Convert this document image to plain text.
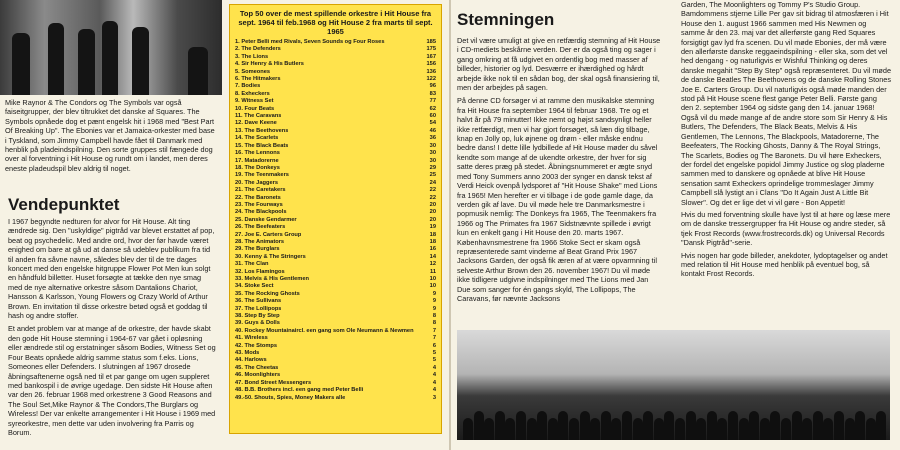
Mike Raynor & The Condors og The Symbols var også faiseitgrupper, der blev tiltrukket det danske af Squares. The Symbols opnåede dog et pænt engelsk hit i 1968 med "Best Part Of Breaking Up". The Ebonies var et Jamaica-orkester med base i Tyskland, som Jimmy Campbell havde fået til Danmark med henblik på pladeindspilning. Den sorte gruppes stil fængede dog over al forventning i Hit House og rundt om i landet, men deres eneste pladeudspil blev aldrig til noget.
Vendepunktet

I 1967 begyndte nedturen for alvor for Hit House. Alt ting ændrede sig. Den "uskyldige" pigtråd var blevet erstattet af pop, beat og psychedelic. Med andre ord, hvor der før havde været enighed om bare at gå ud at danse så udeblev publikum fra tid til anden fra såvne navne, således blev der til de tre dages koncert med den engelske hitgruppe Flower Pot Men kun solgt en håndfuld billetter. Huset forsøgte at tække den nye smag med de nye alternative orkestre såsom Dantalions Chariot, Hansson & Karlsson, Young Flowers og Crazy World of Arthur Brown. En invitation til disse orkestre betød også et goddag til hash og andre stoffer.

Et andet problem var at mange af de orkestre, der havde skabt den gode Hit House stemning i 1964-67 var gået i opløsning eller ændrede stil og erstatninger såsom Bodies, Witness Set og Four Beats opnåede aldrig samme status som f.eks. Lions, Someones eller Defenders. I slutningen af 1967 drosede åbningsaftenerne også ned til et par gange om ugen suppleret med bankospil i de øvrige ugedage. Den sidste Hit House aften var den 26. februar 1968 med orkestrene 3 Good Reasons and The Soul Set,Mike Raynor & The Condors,The Burglars og Wireless! Der var enkelte arrangementer i Hit House i 1969 med syreorkestre, men dette var uden involvering fra Parris og Borum.

Top 50 over de mest spillende orkestre i Hit House fra sept. 1964 til feb.1968 og Hit House 2 fra marts til sept. 1965
1. Peter Belli med Rivals, Seven Sounds og Four Roses	185
2. The Defenders	175
3. The Lions	167
4. Sir Henry & His Butlers	156
5. Someones	136
6. The Hitmakers	122
7. Bodies	96
8. Exheckers	83
9. Witness Set	77
10. Four Beats	62
11. The Caravans	60
12. Dave Keene	54
13. The Beethovens	46
14. The Scarlets	36
15. The Black Beats	30
16. The Lennons	30
17. Matadorerne	30
18. The Donkeys	29
19. The Teenmakers	25
20. The Jaggers	24
21. The Caretakers	22
22. The Baronets	22
23. The Fourways	20
24. The Blackpools	20
25. Danske Gendarmer	20
26. The Beefeaters	19
27. Joe E. Carters Group	18
28. The Animators	18
29. The Burglars	16
30. Kenny & The Stringers	14
31. The Clan	12
32. Los Flamingos	11
33. Melvis & His Gentlemen	10
34. Stoke Sect	10
35. The Rocking Ghosts	9
36. The Sullivans	9
37. The Lollipops	9
38. Step By Step	8
39. Guys & Dolls	8
40. Rockey Mountainaircl. een gang som Ole Neumann & Newmen	7
41. Wireless	7
42. The Stomps	6
43. Mods	5
44. Harlows	5
45. The Cheetas	4
46. Moonlighters	4
47. Bond Street Messengers	4
48. B.B. Brothers incl. een gang med Peter Belli	4
49.-50. Shouts, Spies, Money Makers alle	3
Stemningen
Det vil være umuligt at give en retfærdig stemning af Hit House i CD-mediets beskårne verden. Der er da også ting og sager i gang omkring at få udgivet en ordentlig bog med masser af billeder, historier og lyd. Desværre er ihærdighed og hårdt arbejde ikke nok til en sådan bog, der skal også finansiering til, men der arbejdes på sagen.
På denne CD forsøger vi at ramme den musikalske stemning fra Hit House fra september 1964 til februar 1968. Tre og et halvt år på 79 minutter! Ikke nemt og højst sandsynligt heller ikke retfærdigt, men vi har gjort forsøget, så læn dig tilbage, knap en Jolly op, luk øjnene og drøm - eller måske endnu bedre dans! I dette lille lydbillede af Hit House møder du såvel kendte som mange af de ukendte orkestre, der hver for sig satte deres præg på stedet. Åbningsnummeret er ægte snyd med Tony Summers anno 2003 der synger en dansk tekst af Verdi Heick ovenpå lydsporet af "Hit House Shake" med Lions fra 1965! Men herefter er vi tilbage i de gode gamle dage, da verden gik af lave. Du vil møde hele tre Danmarksmestre i popmusik nemlig: The Donkeys fra 1965, The Teenmakers fra 1966 og The Primates fra 1967 Sidstnævnte spillede i øvrigt kun en enkelt gang i Hit House den 20. marts 1967. Københavnsmestrene fra 1966 Stoke Sect er skam også repræsenterede samt vinderne af Beat Grand Prix 1967 Jacksons Garden, der også fik æren af at være opvarmning til selveste Arthur Brown den 26. november 1967! Du vil møde ikke tidligere udgivne indspilninger med The Lions med Jan Due som sanger for én gangs skyld, The Lollipops, The Caravans, før nævnte Jacksons
Garden, The Moonlighters og Tommy P's Studio Group. Bamdommens stjerne Lille Per gav sit bidrag til atmosfæren i Hit House den 1. august 1966 sammen med His Newmen og samme år den 23. maj var det allerførste gang Red Squares forsigtigt gav lyd fra scenen. Du vil møde Ebonies, der må være den allerførste danske reggaeindspilning - eller ska, som det vel hed dengang - og naturligvis er Wishful Thinking og deres danske megahit "Step By Step" også repræsenteret. Du vil møde de danske Beatles The Beethovens og de danske Rolling Stones Joe E. Carters Group. Du vil naturligvis også møde manden der stod på Hit House scene flest gange Peter Belli. Første gang den 2. september 1964 og sidste gang den 14. januar 1968! Også vil du møde mange af de andre store som Sir Henry & His Butlers, The Defenders, The Black Beats, Melvis & His Gentlemen, The Lennons, The Blackpools, Matadorerne, The Beefeaters, The Rocking Ghosts, Danny & The Royal Strings, The Scarlets, Bodies og The Baronets. Du vil høre Exheckers, der fordel det engelske popidol Jimmy Justice og slog pladerne sammen med to danskere og opnåede at blive Hit House sensation samt Exheckers oprindelige trommeslager Jimmy Campbell slå lystigt an i Clans "Do It Again Just A Little Bit Slower". Og det er lige det vi vil gøre - Bon Appetit!
Hvis du med forventning skulle have lyst til at høre og læse mere om de danske tressergrupper fra Hit House og andre steder, så tjek Frost Records (www.frostrecords.dk) og Universal Records "Dansk Pigtråd"-serie.
Hvis nogen har gode billeder, anekdoter, lydoptagelser og andet med relation til Hit House med henblik på eventuel bog, så kontakt Frost Records.
